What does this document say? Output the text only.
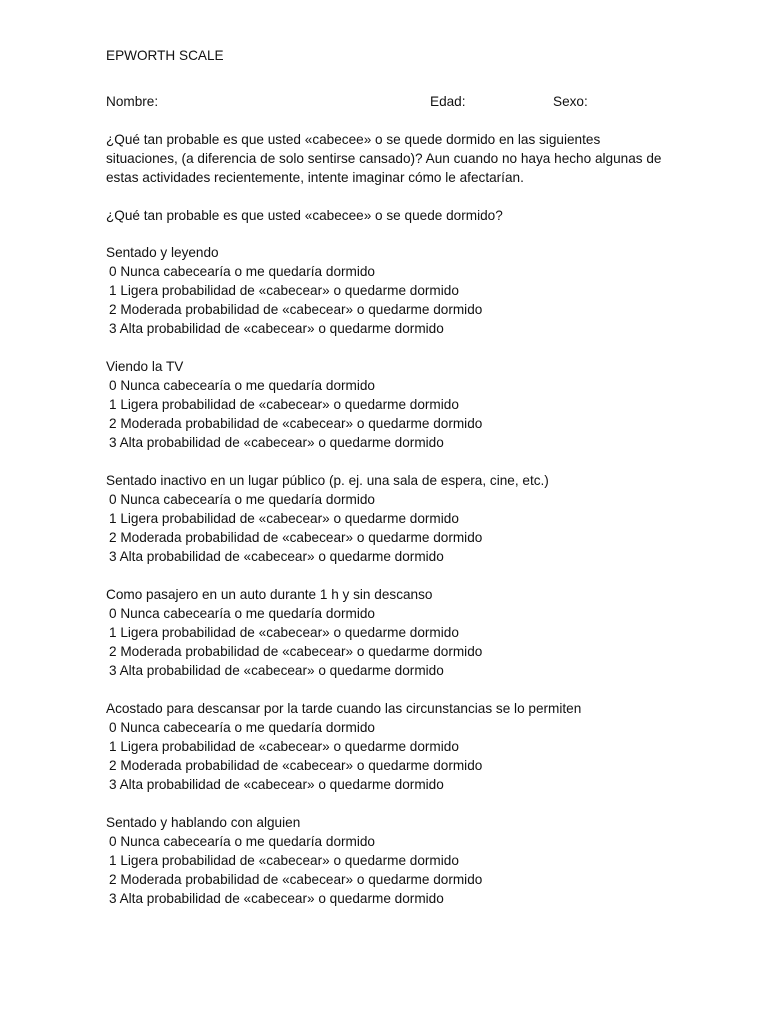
EPWORTH SCALE
Nombre:	Edad:	Sexo:

¿Qué tan probable es que usted «cabecee» o se quede dormido en las siguientes situaciones, (a diferencia de solo sentirse cansado)? Aun cuando no haya hecho algunas de estas actividades recientemente, intente imaginar cómo le afectarían.

¿Qué tan probable es que usted «cabecee» o se quede dormido?
Sentado y leyendo
0 Nunca cabecearía o me quedaría dormido
1 Ligera probabilidad de «cabecear» o quedarme dormido
2 Moderada probabilidad de «cabecear» o quedarme dormido
3 Alta probabilidad de «cabecear» o quedarme dormido
Viendo la TV
0 Nunca cabecearía o me quedaría dormido
1 Ligera probabilidad de «cabecear» o quedarme dormido
2 Moderada probabilidad de «cabecear» o quedarme dormido
3 Alta probabilidad de «cabecear» o quedarme dormido
Sentado inactivo en un lugar público (p. ej. una sala de espera, cine, etc.)
0 Nunca cabecearía o me quedaría dormido
1 Ligera probabilidad de «cabecear» o quedarme dormido
2 Moderada probabilidad de «cabecear» o quedarme dormido
3 Alta probabilidad de «cabecear» o quedarme dormido
Como pasajero en un auto durante 1 h y sin descanso
0 Nunca cabecearía o me quedaría dormido
1 Ligera probabilidad de «cabecear» o quedarme dormido
2 Moderada probabilidad de «cabecear» o quedarme dormido
3 Alta probabilidad de «cabecear» o quedarme dormido
Acostado para descansar por la tarde cuando las circunstancias se lo permiten
0 Nunca cabecearía o me quedaría dormido
1 Ligera probabilidad de «cabecear» o quedarme dormido
2 Moderada probabilidad de «cabecear» o quedarme dormido
3 Alta probabilidad de «cabecear» o quedarme dormido
Sentado y hablando con alguien
0 Nunca cabecearía o me quedaría dormido
1 Ligera probabilidad de «cabecear» o quedarme dormido
2 Moderada probabilidad de «cabecear» o quedarme dormido
3 Alta probabilidad de «cabecear» o quedarme dormido
